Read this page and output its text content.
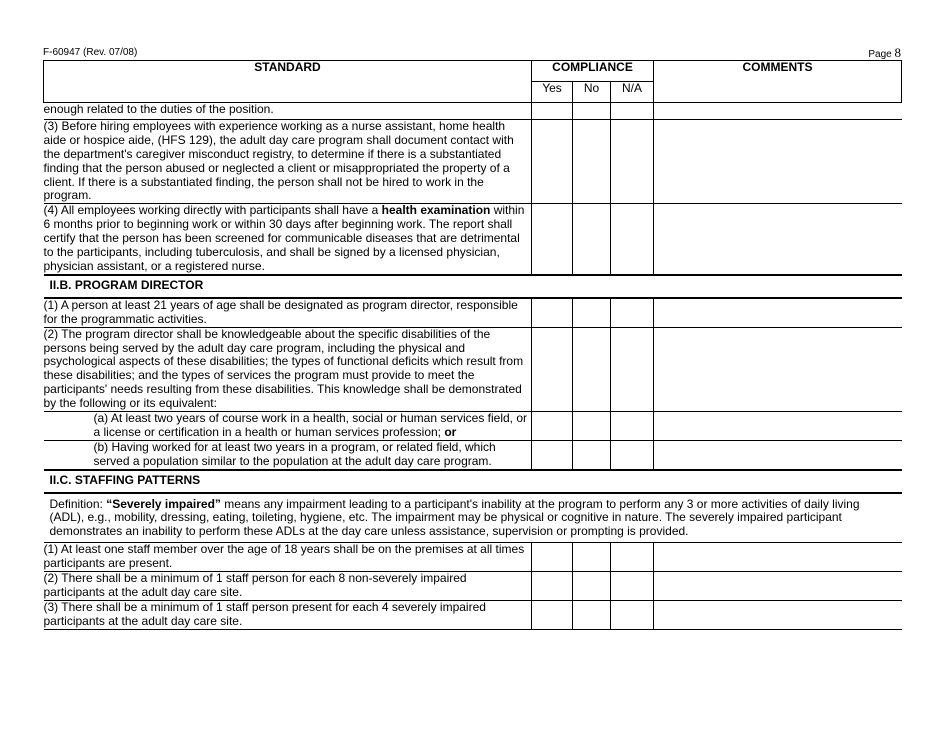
F-60947 (Rev. 07/08)	Page 8
STANDARD	COMPLIANCE			COMMENTS
	Yes	No	N/A	
enough related to the duties of the position.				
(3) Before hiring employees with experience working as a nurse assistant, home health aide or hospice aide, (HFS 129), the adult day care program shall document contact with the department's caregiver misconduct registry, to determine if there is a substantiated finding that the person abused or neglected a client or misappropriated the property of a client. If there is a substantiated finding, the person shall not be hired to work in the program.				
(4) All employees working directly with participants shall have a health examination within 6 months prior to beginning work or within 30 days after beginning work. The report shall certify that the person has been screened for communicable diseases that are detrimental to the participants, including tuberculosis, and shall be signed by a licensed physician, physician assistant, or a registered nurse.				
II.B. PROGRAM DIRECTOR				
(1) A person at least 21 years of age shall be designated as program director, responsible for the programmatic activities.				
(2) The program director shall be knowledgeable about the specific disabilities of the persons being served by the adult day care program, including the physical and psychological aspects of these disabilities; the types of functional deficits which result from these disabilities; and the types of services the program must provide to meet the participants' needs resulting from these disabilities. This knowledge shall be demonstrated by the following or its equivalent:				
(a) At least two years of course work in a health, social or human services field, or a license or certification in a health or human services profession; or				
(b) Having worked for at least two years in a program, or related field, which served a population similar to the population at the adult day care program.				
II.C. STAFFING PATTERNS				
Definition: “Severely impaired” means any impairment leading to a participant's inability at the program to perform any 3 or more activities of daily living (ADL), e.g., mobility, dressing, eating, toileting, hygiene, etc. The impairment may be physical or cognitive in nature. The severely impaired participant demonstrates an inability to perform these ADLs at the day care unless assistance, supervision or prompting is provided.				
(1) At least one staff member over the age of 18 years shall be on the premises at all times participants are present.				
(2) There shall be a minimum of 1 staff person for each 8 non-severely impaired participants at the adult day care site.				
(3) There shall be a minimum of 1 staff person present for each 4 severely impaired participants at the adult day care site.				
